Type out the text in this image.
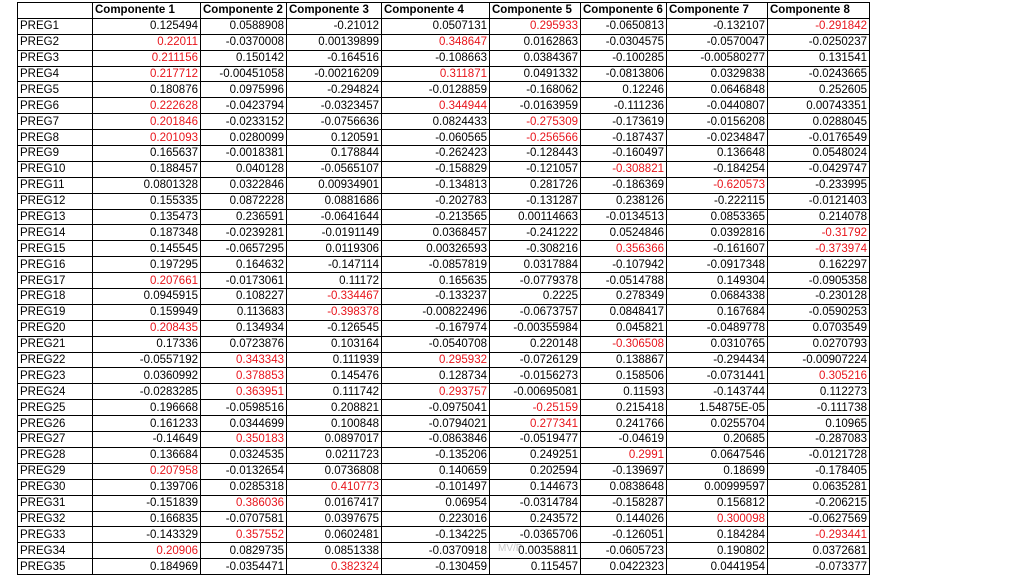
	Componente 1	Componente 2	Componente 3	Componente 4	Componente 5	Componente 6	Componente 7	Componente 8
PREG1	0.125494	0.0588908	-0.21012	0.0507131	0.295933	-0.0650813	-0.132107	-0.291842
PREG2	0.22011	-0.0370008	0.00139899	0.348647	0.0162863	-0.0304575	-0.0570047	-0.0250237
PREG3	0.211156	0.150142	-0.164516	-0.108663	0.0384367	-0.100285	-0.00580277	0.131541
PREG4	0.217712	-0.00451058	-0.00216209	0.311871	0.0491332	-0.0813806	0.0329838	-0.0243665
PREG5	0.180876	0.0975996	-0.294824	-0.0128859	-0.168062	0.12246	0.0646848	0.252605
PREG6	0.222628	-0.0423794	-0.0323457	0.344944	-0.0163959	-0.111236	-0.0440807	0.00743351
PREG7	0.201846	-0.0233152	-0.0756636	0.0824433	-0.275309	-0.173619	-0.0156208	0.0288045
PREG8	0.201093	0.0280099	0.120591	-0.060565	-0.256566	-0.187437	-0.0234847	-0.0176549
PREG9	0.165637	-0.0018381	0.178844	-0.262423	-0.128443	-0.160497	0.136648	0.0548024
PREG10	0.188457	0.040128	-0.0565107	-0.158829	-0.121057	-0.308821	-0.184254	-0.0429747
PREG11	0.0801328	0.0322846	0.00934901	-0.134813	0.281726	-0.186369	-0.620573	-0.233995
PREG12	0.155335	0.0872228	0.0881686	-0.202783	-0.131287	0.238126	-0.222115	-0.0121403
PREG13	0.135473	0.236591	-0.0641644	-0.213565	0.00114663	-0.0134513	0.0853365	0.214078
PREG14	0.187348	-0.0239281	-0.0191149	0.0368457	-0.241222	0.0524846	0.0392816	-0.31792
PREG15	0.145545	-0.0657295	0.0119306	0.00326593	-0.308216	0.356366	-0.161607	-0.373974
PREG16	0.197295	0.164632	-0.147114	-0.0857819	0.0317884	-0.107942	-0.0917348	0.162297
PREG17	0.207661	-0.0173061	0.11172	0.165635	-0.0779378	-0.0514788	0.149304	-0.0905358
PREG18	0.0945915	0.108227	-0.334467	-0.133237	0.2225	0.278349	0.0684338	-0.230128
PREG19	0.159949	0.113683	-0.398378	-0.00822496	-0.0673757	0.0848417	0.167684	-0.0590253
PREG20	0.208435	0.134934	-0.126545	-0.167974	-0.00355984	0.045821	-0.0489778	0.0703549
PREG21	0.17336	0.0723876	0.103164	-0.0540708	0.220148	-0.306508	0.0310765	0.0270793
PREG22	-0.0557192	0.343343	0.111939	0.295932	-0.0726129	0.138867	-0.294434	-0.00907224
PREG23	0.0360992	0.378853	0.145476	0.128734	-0.0156273	0.158506	-0.0731441	0.305216
PREG24	-0.0283285	0.363951	0.111742	0.293757	-0.00695081	0.11593	-0.143744	0.112273
PREG25	0.196668	-0.0598516	0.208821	-0.0975041	-0.25159	0.215418	1.54875E-05	-0.111738
PREG26	0.161233	0.0344699	0.100848	-0.0794021	0.277341	0.241766	0.0255704	0.10965
PREG27	-0.14649	0.350183	0.0897017	-0.0863846	-0.0519477	-0.04619	0.20685	-0.287083
PREG28	0.136684	0.0324535	0.0211723	-0.135206	0.249251	0.2991	0.0647546	-0.0121728
PREG29	0.207958	-0.0132654	0.0736808	0.140659	0.202594	-0.139697	0.18699	-0.178405
PREG30	0.139706	0.0285318	0.410773	-0.101497	0.144673	0.0838648	0.00999597	0.0635281
PREG31	-0.151839	0.386036	0.0167417	0.06954	-0.0314784	-0.158287	0.156812	-0.206215
PREG32	0.166835	-0.0707581	0.0397675	0.223016	0.243572	0.144026	0.300098	-0.0627569
PREG33	-0.143329	0.357552	0.0602481	-0.134225	-0.0365706	-0.126051	0.184284	-0.293441
PREG34	0.20906	0.0829735	0.0851338	-0.0370918	0.00358811	-0.0605723	0.190802	0.0372681
PREG35	0.184969	-0.0354471	0.382324	-0.130459	0.115457	0.0422323	0.0441954	-0.073377
MV/F
